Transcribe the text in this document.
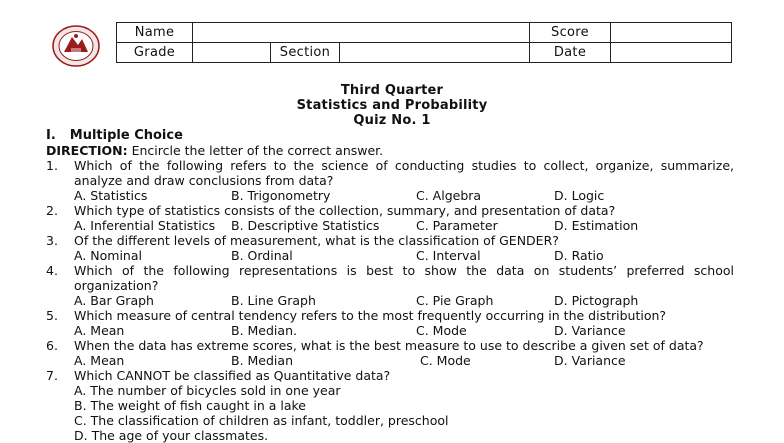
Name				Score	
Grade		Section		Date	
Third Quarter
Statistics and Probability
Quiz No. 1
I. Multiple Choice
DIRECTION: Encircle the letter of the correct answer.
1. Which of the following refers to the science of conducting studies to collect, organize, summarize,
analyze and draw conclusions from data?
A. Statistics	B. Trigonometry	C. Algebra	D. Logic
2. Which type of statistics consists of the collection, summary, and presentation of data?
A. Inferential Statistics B. Descriptive Statistics	C. Parameter	D. Estimation
3. Of the different levels of measurement, what is the classification of GENDER?
A. Nominal	B. Ordinal	C. Interval	D. Ratio
4. Which of the following representations is best to show the data on students’ preferred school
organization?
A. Bar Graph	B. Line Graph	C. Pie Graph	D. Pictograph
5. Which measure of central tendency refers to the most frequently occurring in the distribution?
A. Mean	B. Median.	C. Mode	D. Variance
6. When the data has extreme scores, what is the best measure to use to describe a given set of data?
A. Mean	B. Median	C. Mode	D. Variance
7. Which CANNOT be classified as Quantitative data?
A. The number of bicycles sold in one year
B. The weight of fish caught in a lake
C. The classification of children as infant, toddler, preschool
D. The age of your classmates.
